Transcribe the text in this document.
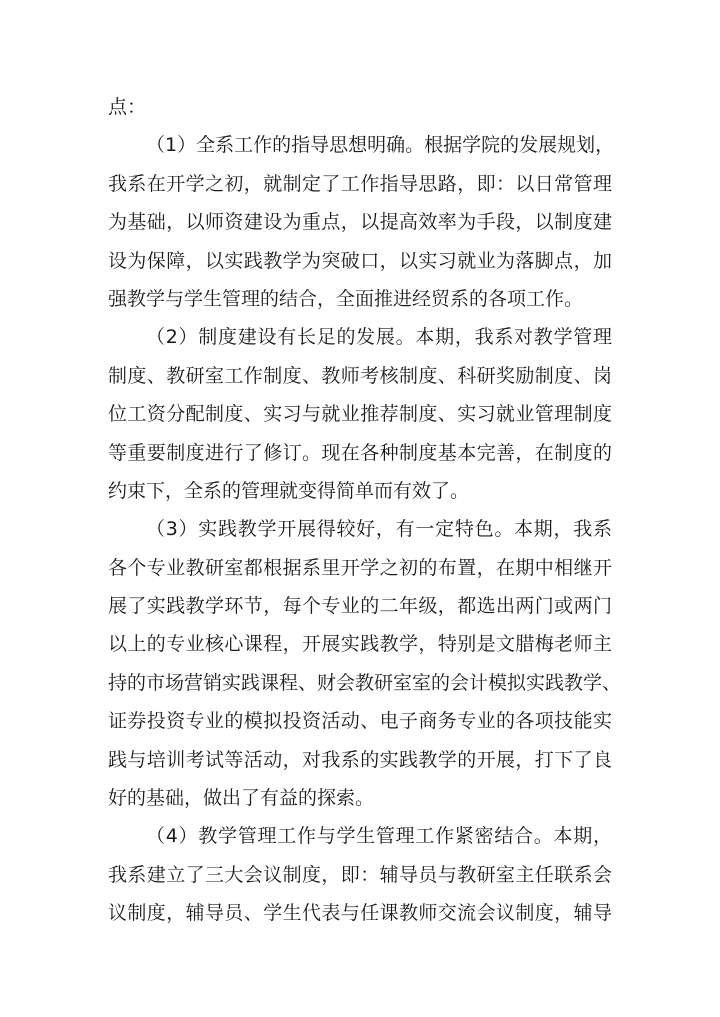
点：
（1）全系工作的指导思想明确。根据学院的发展规划，
我系在开学之初，就制定了工作指导思路，即：以日常管理
为基础，以师资建设为重点，以提高效率为手段，以制度建
设为保障，以实践教学为突破口，以实习就业为落脚点，加
强教学与学生管理的结合，全面推进经贸系的各项工作。
（2）制度建设有长足的发展。本期，我系对教学管理
制度、教研室工作制度、教师考核制度、科研奖励制度、岗
位工资分配制度、实习与就业推荐制度、实习就业管理制度
等重要制度进行了修订。现在各种制度基本完善，在制度的
约束下，全系的管理就变得简单而有效了。
（3）实践教学开展得较好，有一定特色。本期，我系
各个专业教研室都根据系里开学之初的布置，在期中相继开
展了实践教学环节，每个专业的二年级，都选出两门或两门
以上的专业核心课程，开展实践教学，特别是文腊梅老师主
持的市场营销实践课程、财会教研室室的会计模拟实践教学、
证券投资专业的模拟投资活动、电子商务专业的各项技能实
践与培训考试等活动，对我系的实践教学的开展，打下了良
好的基础，做出了有益的探索。
（4）教学管理工作与学生管理工作紧密结合。本期，
我系建立了三大会议制度，即：辅导员与教研室主任联系会
议制度，辅导员、学生代表与任课教师交流会议制度，辅导
